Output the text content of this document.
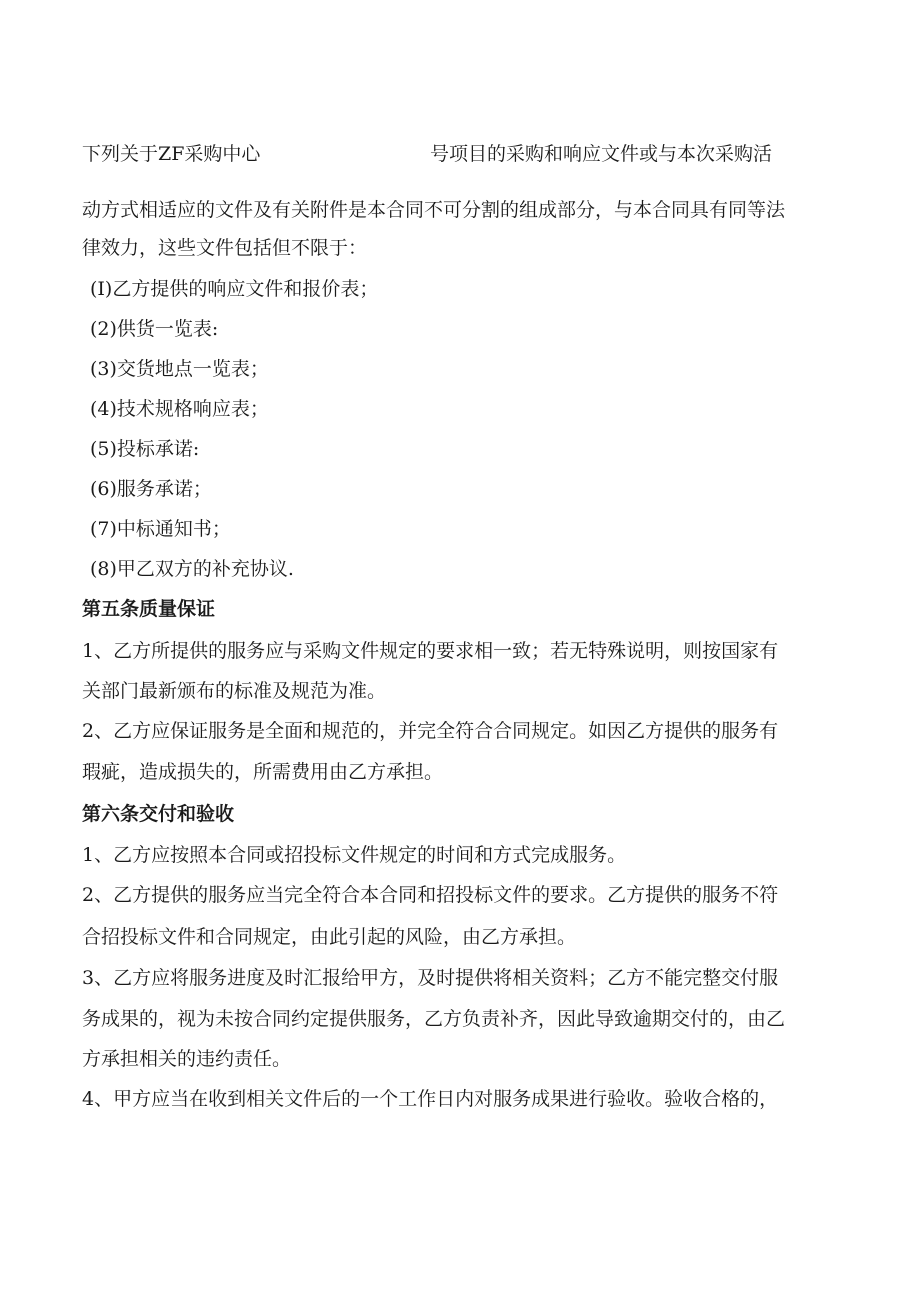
下列关于ZF采购中心	号项目的采购和响应文件或与本次采购活
动方式相适应的文件及有关附件是本合同不可分割的组成部分，与本合同具有同等法
律效力，这些文件包括但不限于：
(I)乙方提供的响应文件和报价表；
(2)供货一览表:
(3)交货地点一览表；
(4)技术规格响应表；
(5)投标承诺:
(6)服务承诺；
(7)中标通知书；
(8)甲乙双方的补充协议.
第五条质量保证
1、乙方所提供的服务应与采购文件规定的要求相一致；若无特殊说明，则按国家有
关部门最新颁布的标准及规范为准。
2、乙方应保证服务是全面和规范的，并完全符合合同规定。如因乙方提供的服务有
瑕疵，造成损失的，所需费用由乙方承担。
第六条交付和验收
1、乙方应按照本合同或招投标文件规定的时间和方式完成服务。
2、乙方提供的服务应当完全符合本合同和招投标文件的要求。乙方提供的服务不符
合招投标文件和合同规定，由此引起的风险，由乙方承担。
3、乙方应将服务进度及时汇报给甲方，及时提供将相关资料；乙方不能完整交付服
务成果的，视为未按合同约定提供服务，乙方负责补齐，因此导致逾期交付的，由乙
方承担相关的违约责任。
4、甲方应当在收到相关文件后的一个工作日内对服务成果进行验收。验收合格的，
